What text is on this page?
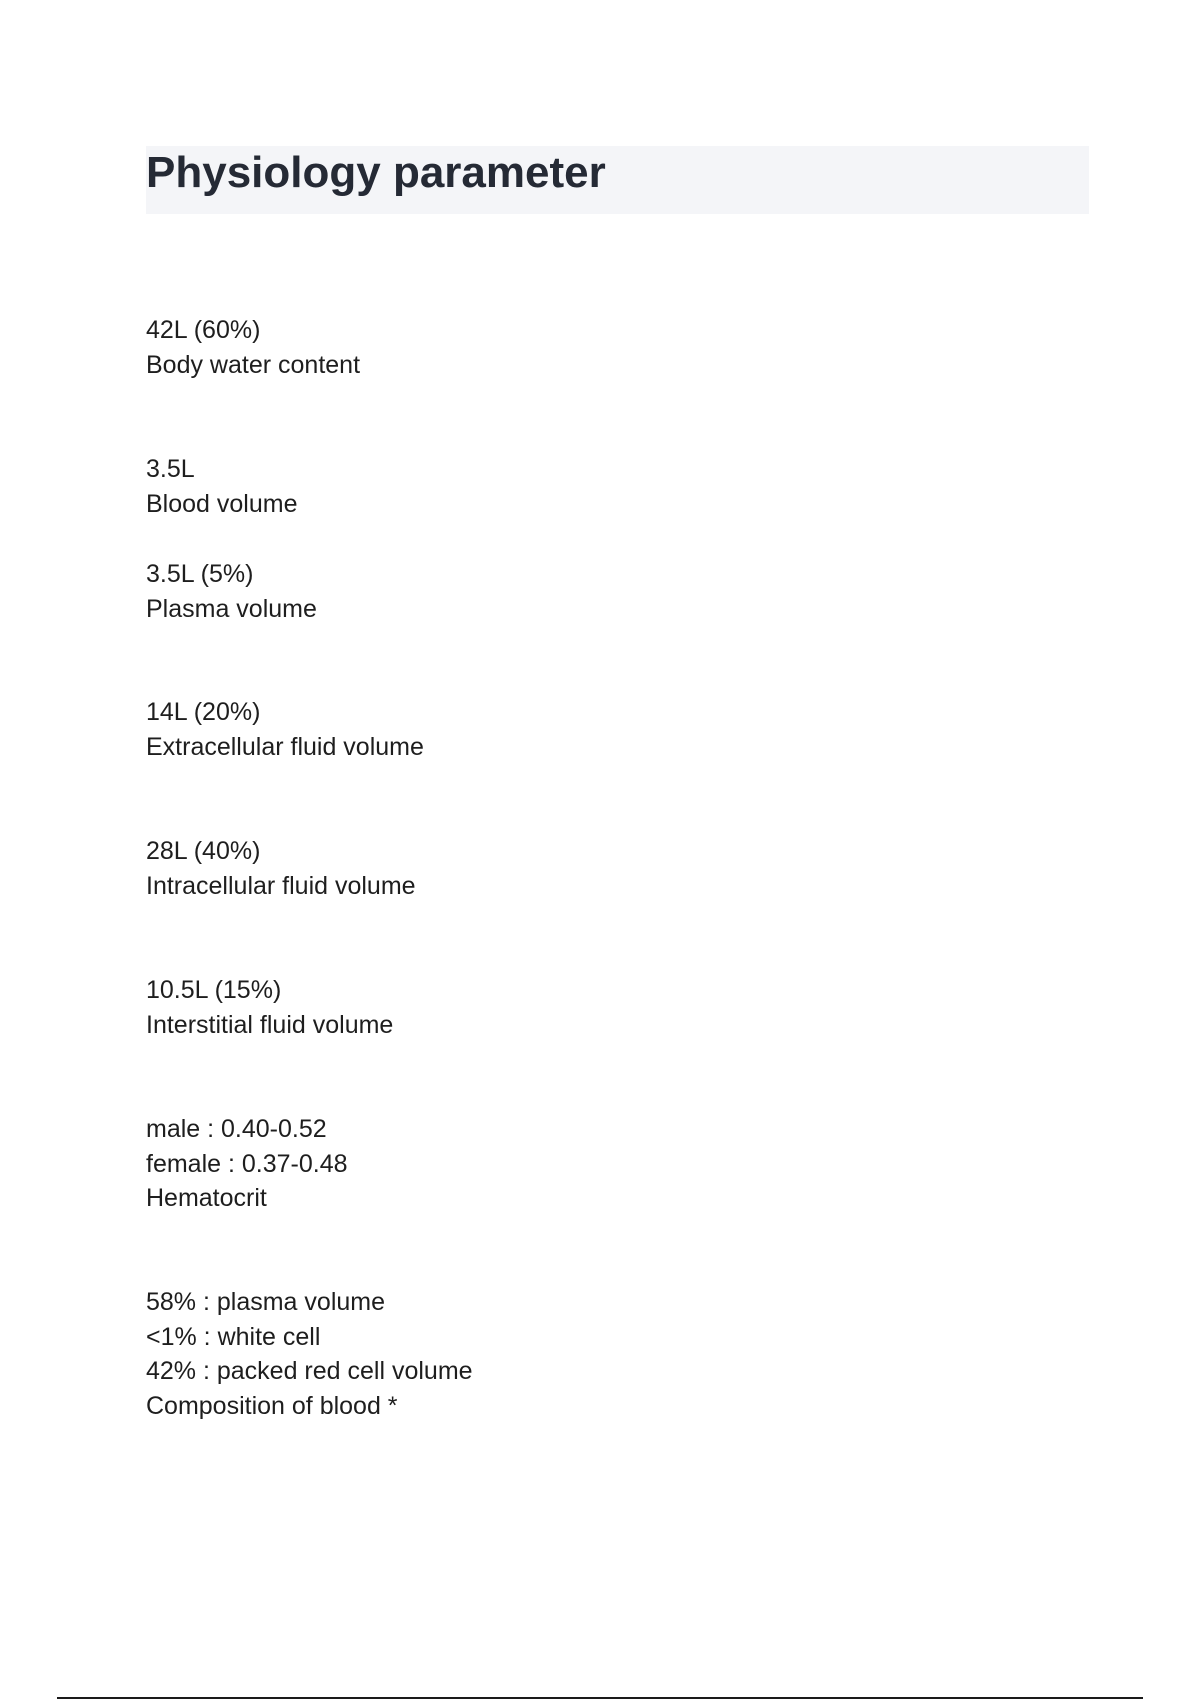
Physiology parameter
42L (60%)
Body water content
3.5L
Blood volume
3.5L (5%)
Plasma volume
14L (20%)
Extracellular fluid volume
28L (40%)
Intracellular fluid volume
10.5L (15%)
Interstitial fluid volume
male : 0.40-0.52
female : 0.37-0.48
Hematocrit
58% : plasma volume
<1% : white cell
42% : packed red cell volume
Composition of blood *
